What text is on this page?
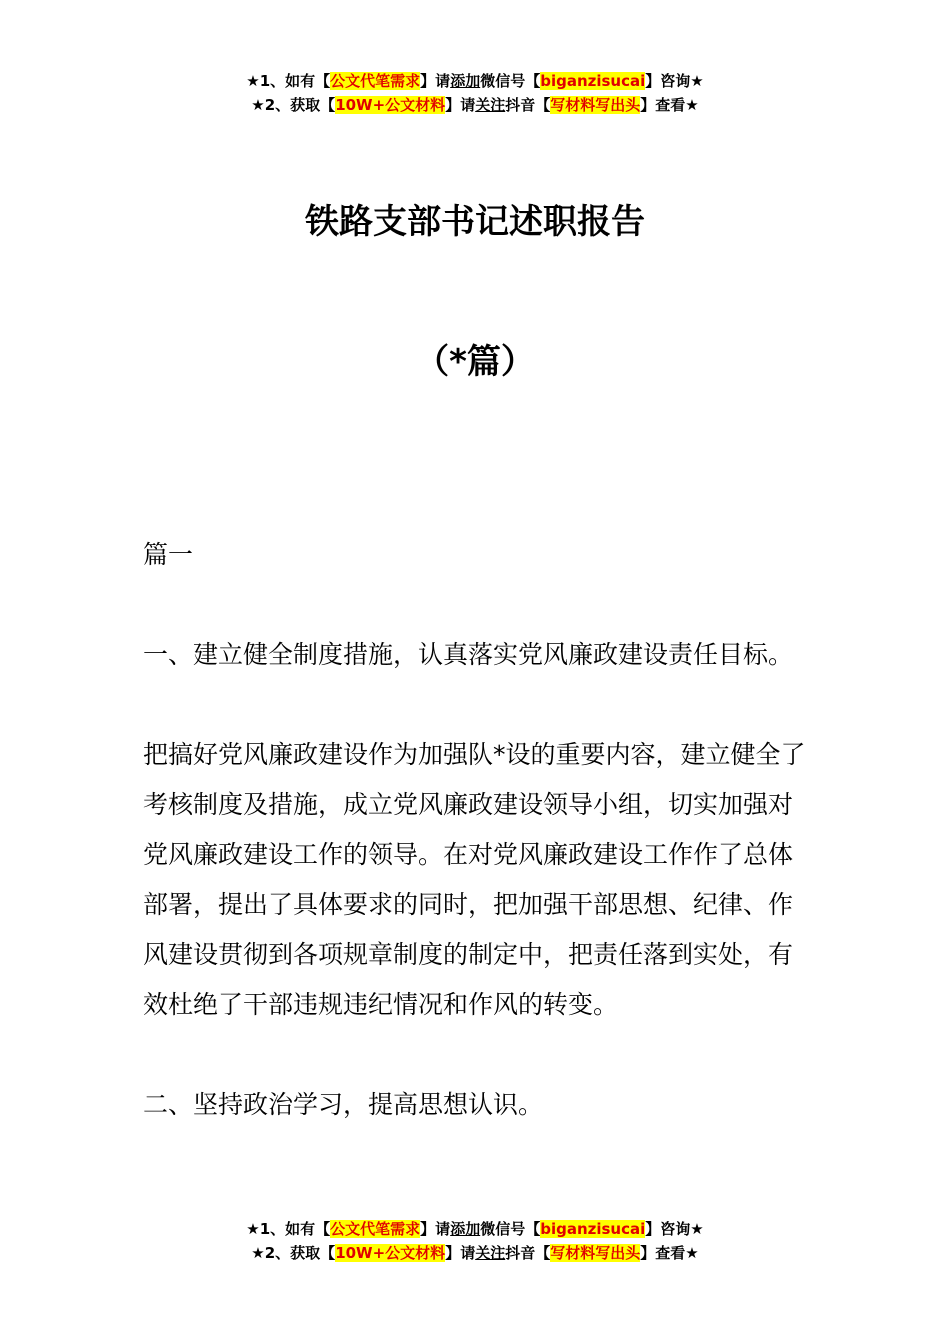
★1、如有【公文代笔需求】请添加微信号【biganzisucai】咨询★
★2、获取【10W+公文材料】请关注抖音【写材料写出头】查看★
铁路支部书记述职报告
（*篇）

篇一

一、建立健全制度措施，认真落实党风廉政建设责任目标。

把搞好党风廉政建设作为加强队*设的重要内容，建立健全了考核制度及措施，成立党风廉政建设领导小组，切实加强对党风廉政建设工作的领导。在对党风廉政建设工作作了总体部署，提出了具体要求的同时，把加强干部思想、纪律、作风建设贯彻到各项规章制度的制定中，把责任落到实处，有效杜绝了干部违规违纪情况和作风的转变。

二、坚持政治学习，提高思想认识。

★1、如有【公文代笔需求】请添加微信号【biganzisucai】咨询★
★2、获取【10W+公文材料】请关注抖音【写材料写出头】查看★
